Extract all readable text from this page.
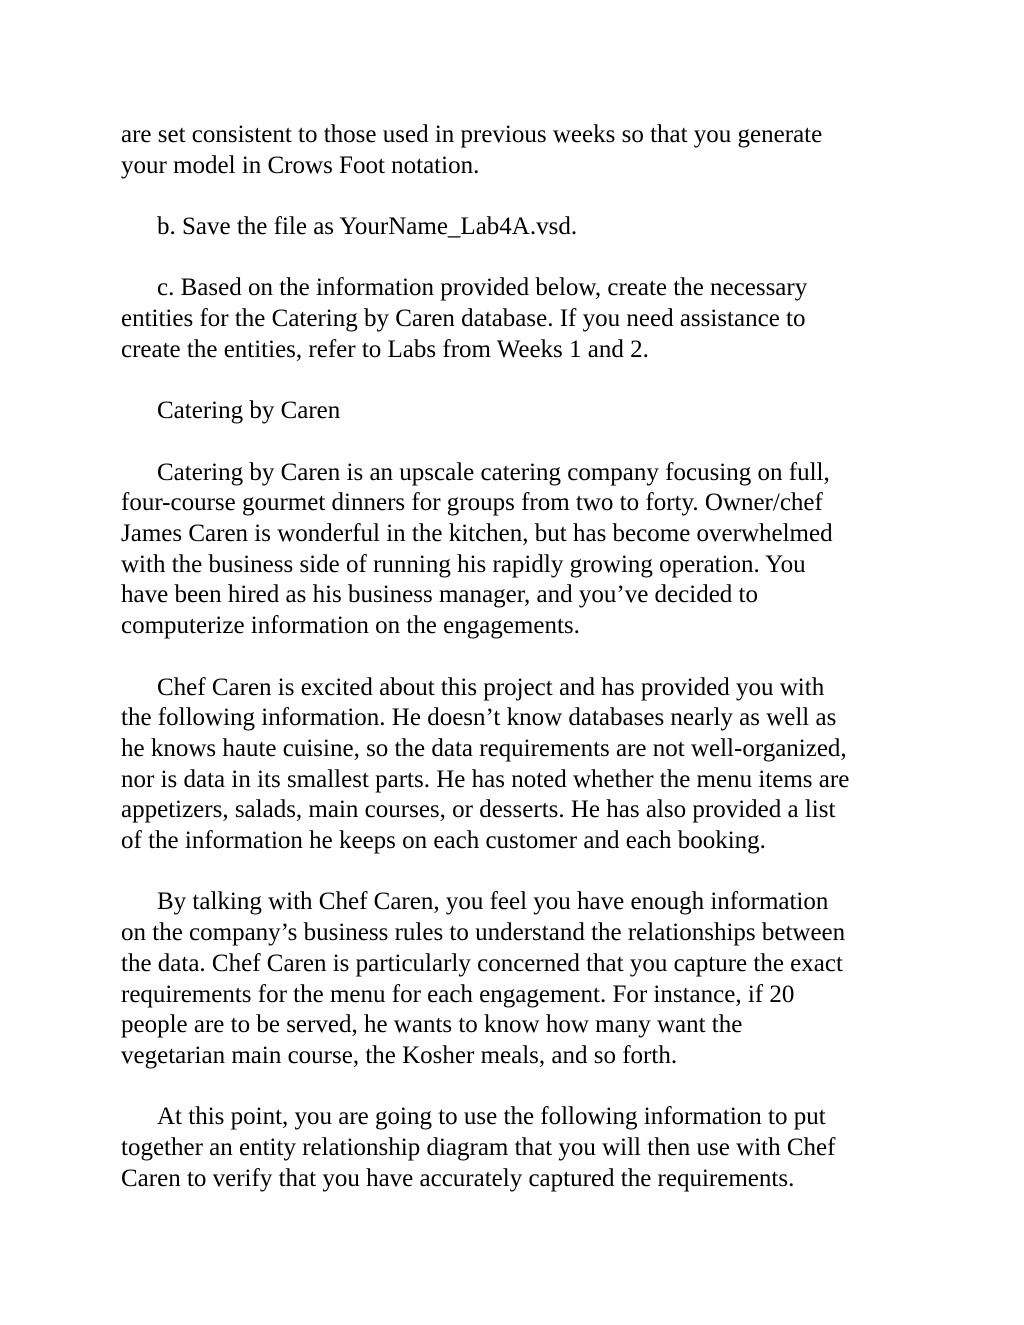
are set consistent to those used in previous weeks so that you generate
your model in Crows Foot notation.

b. Save the file as YourName_Lab4A.vsd.

c. Based on the information provided below, create the necessary
entities for the Catering by Caren database. If you need assistance to
create the entities, refer to Labs from Weeks 1 and 2.

Catering by Caren

Catering by Caren is an upscale catering company focusing on full,
four-course gourmet dinners for groups from two to forty. Owner/chef
James Caren is wonderful in the kitchen, but has become overwhelmed
with the business side of running his rapidly growing operation. You
have been hired as his business manager, and you’ve decided to
computerize information on the engagements.

Chef Caren is excited about this project and has provided you with
the following information. He doesn’t know databases nearly as well as
he knows haute cuisine, so the data requirements are not well-organized,
nor is data in its smallest parts. He has noted whether the menu items are
appetizers, salads, main courses, or desserts. He has also provided a list
of the information he keeps on each customer and each booking.

By talking with Chef Caren, you feel you have enough information
on the company’s business rules to understand the relationships between
the data. Chef Caren is particularly concerned that you capture the exact
requirements for the menu for each engagement. For instance, if 20
people are to be served, he wants to know how many want the
vegetarian main course, the Kosher meals, and so forth.

At this point, you are going to use the following information to put
together an entity relationship diagram that you will then use with Chef
Caren to verify that you have accurately captured the requirements.
